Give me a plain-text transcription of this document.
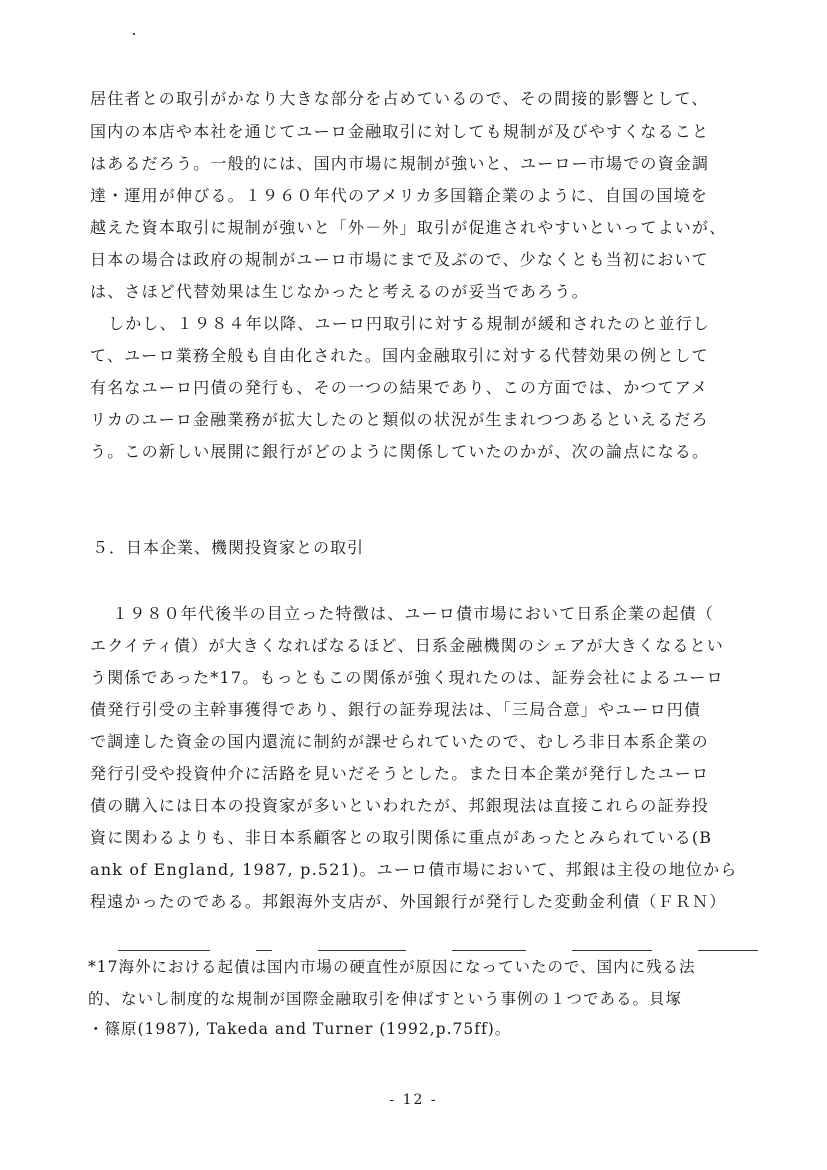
居住者との取引がかなり大きな部分を占めているので、その間接的影響として、
国内の本店や本社を通じてユーロ金融取引に対しても規制が及びやすくなること
はあるだろう。一般的には、国内市場に規制が強いと、ユーロー市場での資金調
達・運用が伸びる。１９６０年代のアメリカ多国籍企業のように、自国の国境を
越えた資本取引に規制が強いと「外－外」取引が促進されやすいといってよいが、
日本の場合は政府の規制がユーロ市場にまで及ぶので、少なくとも当初において
は、さほど代替効果は生じなかったと考えるのが妥当であろう。
しかし、１９８４年以降、ユーロ円取引に対する規制が緩和されたのと並行し
て、ユーロ業務全般も自由化された。国内金融取引に対する代替効果の例として
有名なユーロ円債の発行も、その一つの結果であり、この方面では、かつてアメ
リカのユーロ金融業務が拡大したのと類似の状況が生まれつつあるといえるだろ
う。この新しい展開に銀行がどのように関係していたのかが、次の論点になる。
５．日本企業、機関投資家との取引
１９８０年代後半の目立った特徴は、ユーロ債市場において日系企業の起債（
エクイティ債）が大きくなればなるほど、日系金融機関のシェアが大きくなるとい
う関係であった*17。もっともこの関係が強く現れたのは、証券会社によるユーロ
債発行引受の主幹事獲得であり、銀行の証券現法は、「三局合意」やユーロ円債
で調達した資金の国内還流に制約が課せられていたので、むしろ非日本系企業の
発行引受や投資仲介に活路を見いだそうとした。また日本企業が発行したユーロ
債の購入には日本の投資家が多いといわれたが、邦銀現法は直接これらの証券投
資に関わるよりも、非日本系顧客との取引関係に重点があったとみられている(B
ank of England, 1987, p.521)。ユーロ債市場において、邦銀は主役の地位から
程遠かったのである。邦銀海外支店が、外国銀行が発行した変動金利債（ＦＲＮ）
*17海外における起債は国内市場の硬直性が原因になっていたので、国内に残る法
的、ないし制度的な規制が国際金融取引を伸ばすという事例の１つである。貝塚
・篠原(1987), Takeda and Turner (1992,p.75ff)。
- 12 -
